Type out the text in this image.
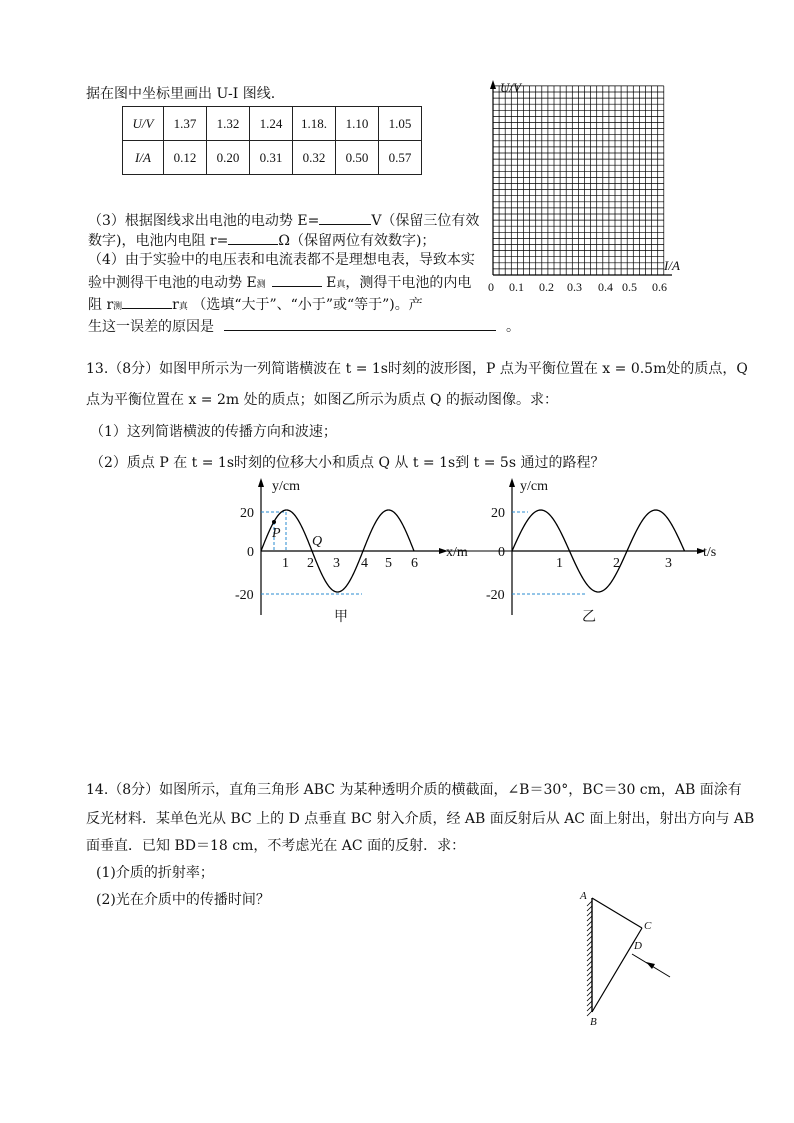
据在图中坐标里画出 U-I 图线.
U/V	1.37	1.32	1.24	1.18.	1.10	1.05
I/A	0.12	0.20	0.31	0.32	0.50	0.57
（3）根据图线求出电池的电动势 E=	V（保留三位有效
数字)，电池内电阻 r=	Ω（保留两位有效数字)；
（4）由于实验中的电压表和电流表都不是理想电表，导致本实
验中测得干电池的电动势 E测	E真，测得干电池的内电
阻 r测	r真 （选填“大于”、“小于”或“等于”)。产
生这一误差的原因是	。
U/V
I/A
0 0.1 0.2 0.3 0.4 0.5 0.6
13.（8分）如图甲所示为一列简谐横波在 t = 1s时刻的波形图，P 点为平衡位置在 x = 0.5m处的质点，Q
点为平衡位置在 x = 2m 处的质点；如图乙所示为质点 Q 的振动图像。求：
（1）这列简谐横波的传播方向和波速；
（2）质点 P 在 t = 1s时刻的位移大小和质点 Q 从 t = 1s到 t = 5s 通过的路程？
P
Q
y/cm
x/m
20
0
-20
1 2 3 4 5 6
甲
y/cm
t/s
20
0
-20
1	2	3
乙
14.（8分）如图所示，直角三角形 ABC 为某种透明介质的横截面，∠B＝30°，BC＝30 cm，AB 面涂有
反光材料．某单色光从 BC 上的 D 点垂直 BC 射入介质，经 AB 面反射后从 AC 面上射出，射出方向与 AB
面垂直．已知 BD＝18 cm，不考虑光在 AC 面的反射．求：
(1)介质的折射率；
(2)光在介质中的传播时间？	A
B
C
D
